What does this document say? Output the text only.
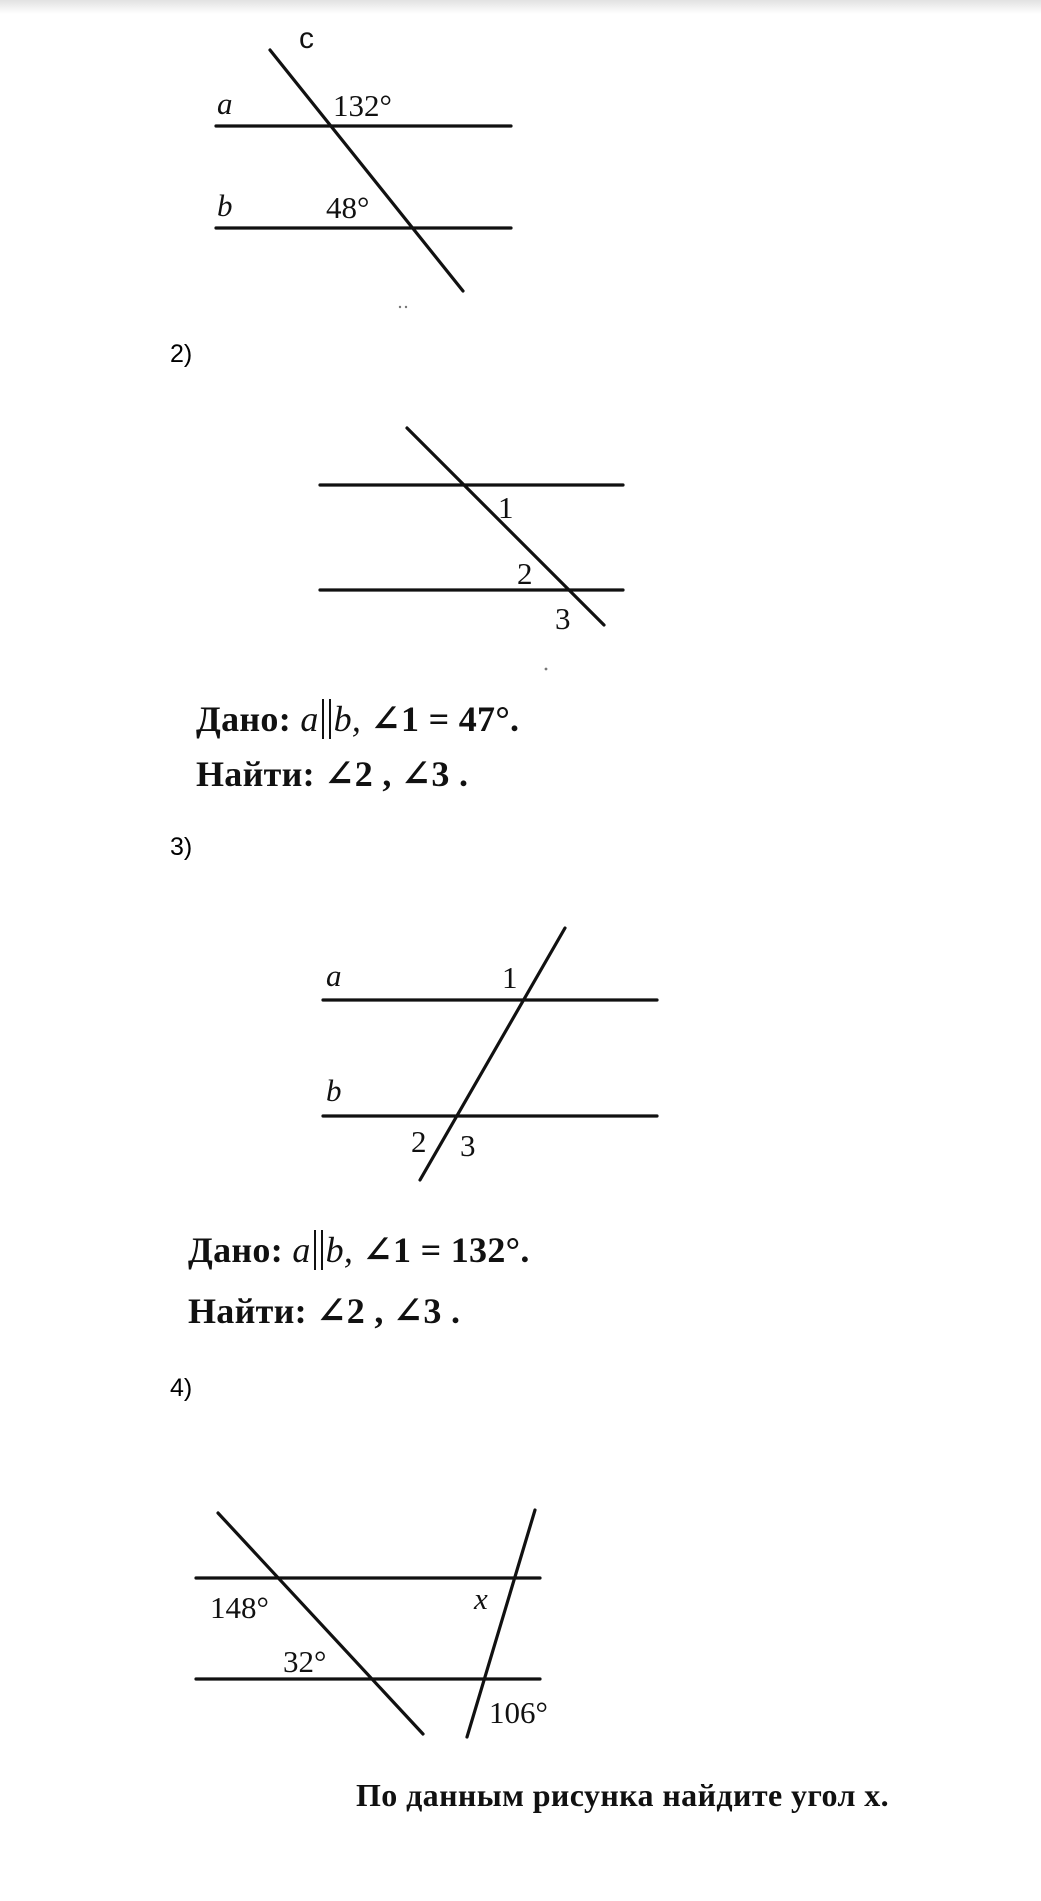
c
a	132°
b	48°
2)
1
2
3
Дано: a b, ∠1 = 47°.
Найти: ∠2 , ∠3 .
3)
a	1
b
2 3
Дано: a b, ∠1 = 132°.
Найти: ∠2 , ∠3 .
4)
148°
32°
x
106°
По данным рисунка найдите угол x.
